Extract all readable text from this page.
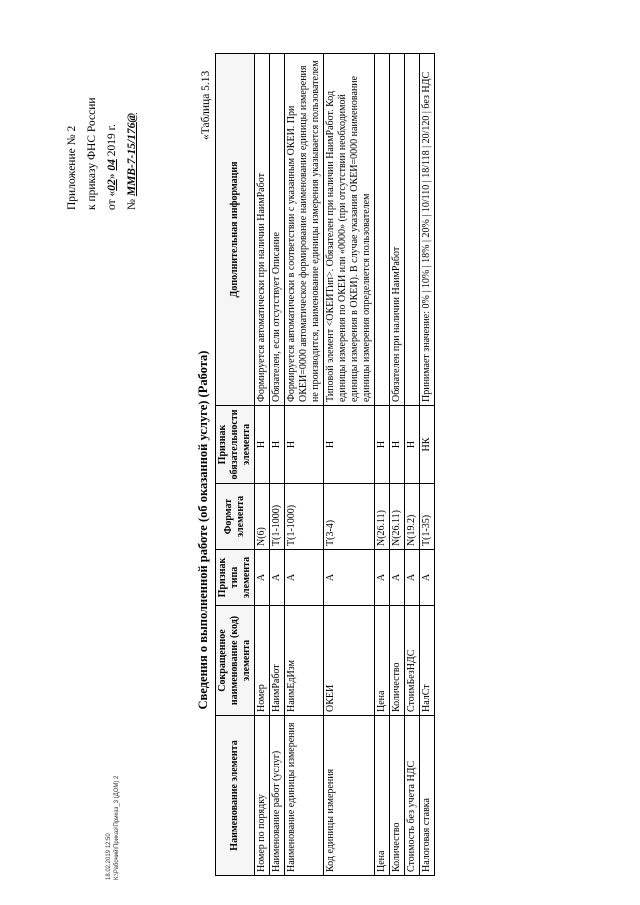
Приложение № 2 к приказу ФНС России от «02» 04 2019 г.
№ ММВ-7-15/176@
«Таблица 5.13
Сведения о выполненной работе (об оказанной услуге) (Работа)
Наименование элемента	Сокращенное наименование (код) элемента	Признак типа элемента	Формат элемента	Признак обязательности элемента	Дополнительная информация
Номер по порядку	Номер	А	N(6)	Н	Формируется автоматически при наличии НаимРабот
Наименование работ (услуг)	НаимРабот	А	T(1-1000)	Н	Обязателен, если отсутствует Описание
Наименование единицы измерения	НаимЕдИзм	А	T(1-1000)	Н	Формируется автоматически в соответствии с указанным ОКЕИ. При ОКЕИ=0000 автоматическое формирование наименования единицы измерения не производится, наименование единицы измерения указывается пользователем
Код единицы измерения	ОКЕИ	А	T(3-4)	Н	Типовой элемент <ОКЕИТип>. Обязателен при наличии НаимРабот. Код единицы измерения по ОКЕИ или «0000» (при отсутствии необходимой единицы измерения в ОКЕИ). В случае указания ОКЕИ=0000 наименование единицы измерения определяется пользователем
Цена	Цена	А	N(26.11)	Н	
Количество	Количество	А	N(26.11)	Н	Обязателен при наличии НаимРабот
Стоимость без учета НДС	СтоимБезНДС	А	N(19.2)	Н	
Налоговая ставка	НалСт	А	T(1-35)	НК	Принимает значение: 0% | 10% | 18% | 20% | 10/110 | 18/118 | 20/120 | без НДС
18.02.2019 12:50 К:\Рабочий\Приказ\Приказ_3 (ДОМ) 2
